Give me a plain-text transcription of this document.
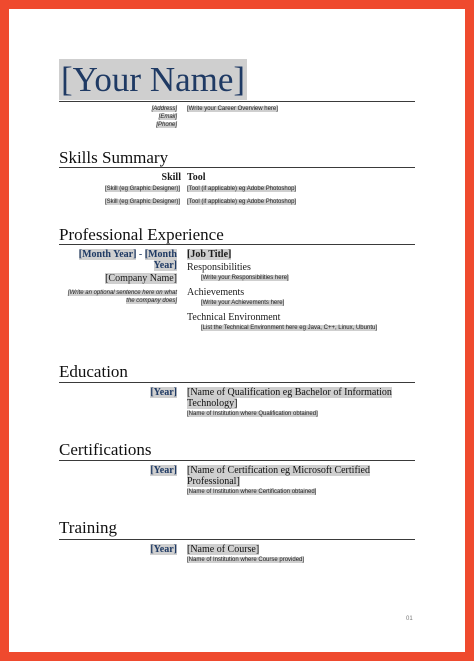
[Your Name]
[Address]
[Email]
[Phone]
[Write your Career Overview here]
Skills Summary
Skill Tool
[Skill (eg Graphic Designer)] [Tool (if applicable) eg Adobe Photoshop]
[Skill (eg Graphic Designer)] [Tool (if applicable) eg Adobe Photoshop]
Professional Experience
[Month Year] - [Month
Year]
[Company Name]
[Write an optional sentence here on what the company does]
[Job Title]
Responsibilities
[Write your Responsibilities here]
Achievements
[Write your Achievements here]
Technical Environment
[List the Technical Environment here eg Java, C++, Linux, Ubuntu]
Education
[Year] [Name of Qualification eg Bachelor of Information
Technology]
[Name of Institution where Qualification obtained]
Certifications
[Year] [Name of Certification eg Microsoft Certified
Professional]
[Name of Institution where Certification obtained]
Training
[Year] [Name of Course]
[Name of Institution where Course provided]
01
